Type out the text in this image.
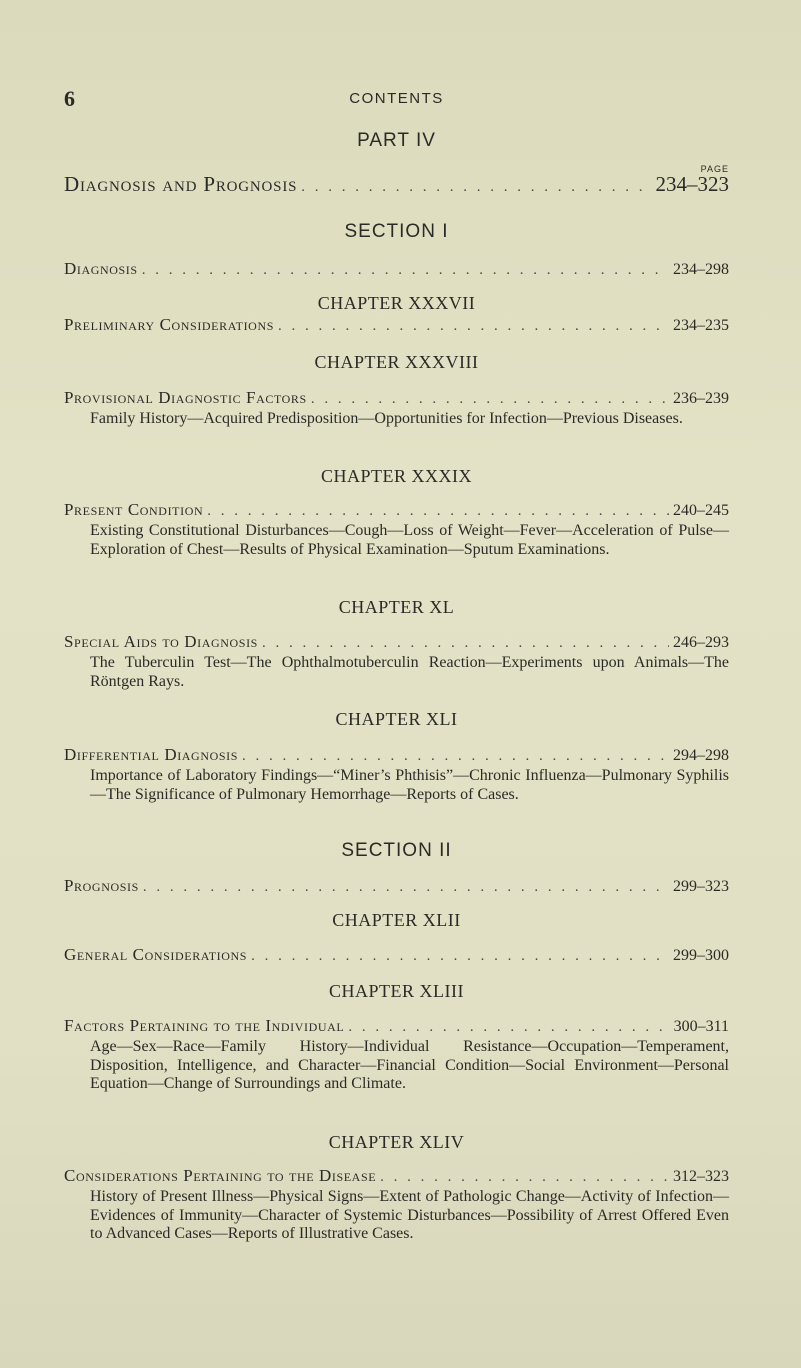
6	CONTENTS
PART IV
PAGE
Diagnosis and Prognosis . . .	234–323
SECTION I
Diagnosis . . .	234–298
CHAPTER XXXVII
Preliminary Considerations . . .	234–235
CHAPTER XXXVIII
Provisional Diagnostic Factors . . .	236–239
Family History—Acquired Predisposition—Opportunities for Infection—Previous Diseases.
CHAPTER XXXIX
Present Condition . . .	240–245
Existing Constitutional Disturbances—Cough—Loss of Weight—Fever—Acceleration of Pulse—Exploration of Chest—Results of Physical Examination—Sputum Examinations.
CHAPTER XL
Special Aids to Diagnosis . . .	246–293
The Tuberculin Test—The Ophthalmotuberculin Reaction—Experiments upon Animals—The Röntgen Rays.
CHAPTER XLI
Differential Diagnosis . . .	294–298
Importance of Laboratory Findings—“Miner’s Phthisis”—Chronic Influenza—Pulmonary Syphilis—The Significance of Pulmonary Hemorrhage—Reports of Cases.
SECTION II
Prognosis . . .	299–323
CHAPTER XLII
General Considerations . . .	299–300
CHAPTER XLIII
Factors Pertaining to the Individual . . .	300–311
Age—Sex—Race—Family History—Individual Resistance—Occupation—Temperament, Disposition, Intelligence, and Character—Financial Condition—Social Environment—Personal Equation—Change of Surroundings and Climate.
CHAPTER XLIV
Considerations Pertaining to the Disease . . .	312–323
History of Present Illness—Physical Signs—Extent of Pathologic Change—Activity of Infection—Evidences of Immunity—Character of Systemic Disturbances—Possibility of Arrest Offered Even to Advanced Cases—Reports of Illustrative Cases.
